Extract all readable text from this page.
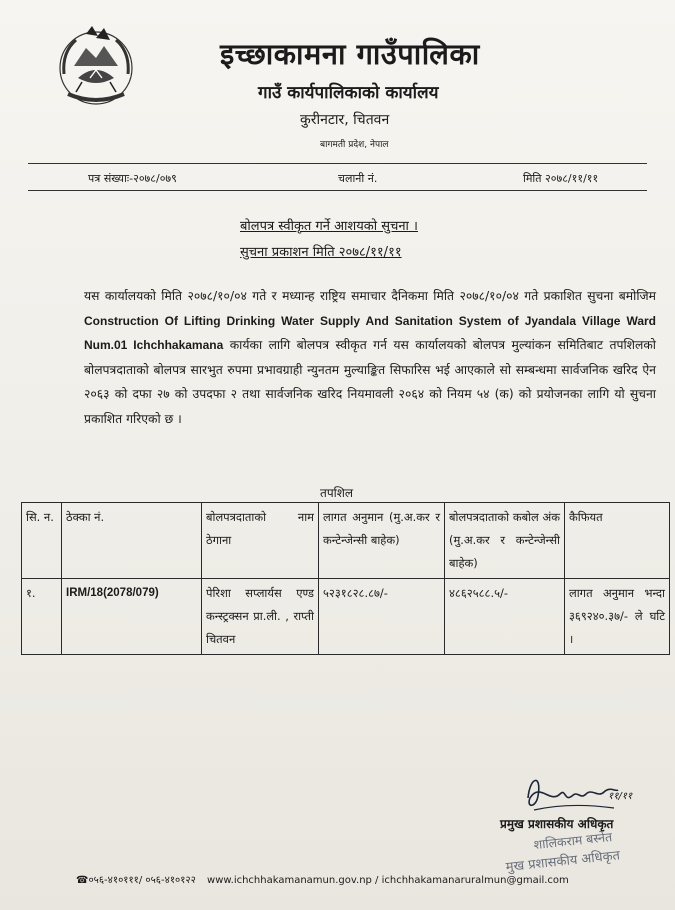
इच्छाकामना गाउँपालिका
गाउँ कार्यपालिकाको कार्यालय
कुरीनटार, चितवन
बागमती प्रदेश, नेपाल
पत्र संख्याः-२०७८/०७९	चलानी नं.	मिति २०७८/११/११
बोलपत्र स्वीकृत गर्ने आशयको सुचना ।
सुचना प्रकाशन मिति २०७८/११/११
यस कार्यालयको मिति २०७८/१०/०४ गते र मध्यान्ह राष्ट्रिय समाचार दैनिकमा मिति २०७८/१०/०४ गते प्रकाशित सुचना बमोजिम Construction Of Lifting Drinking Water Supply And Sanitation System of Jyandala Village Ward Num.01 Ichchhakamana कार्यका लागि बोलपत्र स्वीकृत गर्न यस कार्यालयको बोलपत्र मुल्यांकन समितिबाट तपशिलको बोलपत्रदाताको बोलपत्र सारभुत रुपमा प्रभावग्राही न्युनतम मुल्याङ्कित सिफारिस भई आएकाले सो सम्बन्धमा सार्वजनिक खरिद ऐन २०६३ को दफा २७ को उपदफा २ तथा सार्वजनिक खरिद नियमावली २०६४ को नियम ५४ (क) को प्रयोजनका लागि यो सुचना प्रकाशित गरिएको छ ।
तपशिल
सि. न.	ठेक्का नं.	बोलपत्रदाताको नाम ठेगाना	लागत अनुमान (मु.अ.कर र कन्टेन्जेन्सी बाहेक)	बोलपत्रदाताको कबोल अंक (मु.अ.कर र कन्टेन्जेन्सी बाहेक)	कैफियत
१.	IRM/18(2078/079)	पेरिशा सप्लार्यस एण्ड कन्स्ट्रक्सन प्रा.ली. , राप्ती चितवन	५२३१८२८.८७/-	४८६२५८८.५/-	लागत अनुमान भन्दा ३६९२४०.३७/- ले घटि ।
११/११
प्रमुख प्रशासकीय अधिकृत
शालिकराम बस्नेत
मुख प्रशासकीय अधिकृत
☎०५६-४१०१११/ ०५६-४१०१२२ www.ichchhakamanamun.gov.np / ichchhakamanaruralmun@gmail.com
